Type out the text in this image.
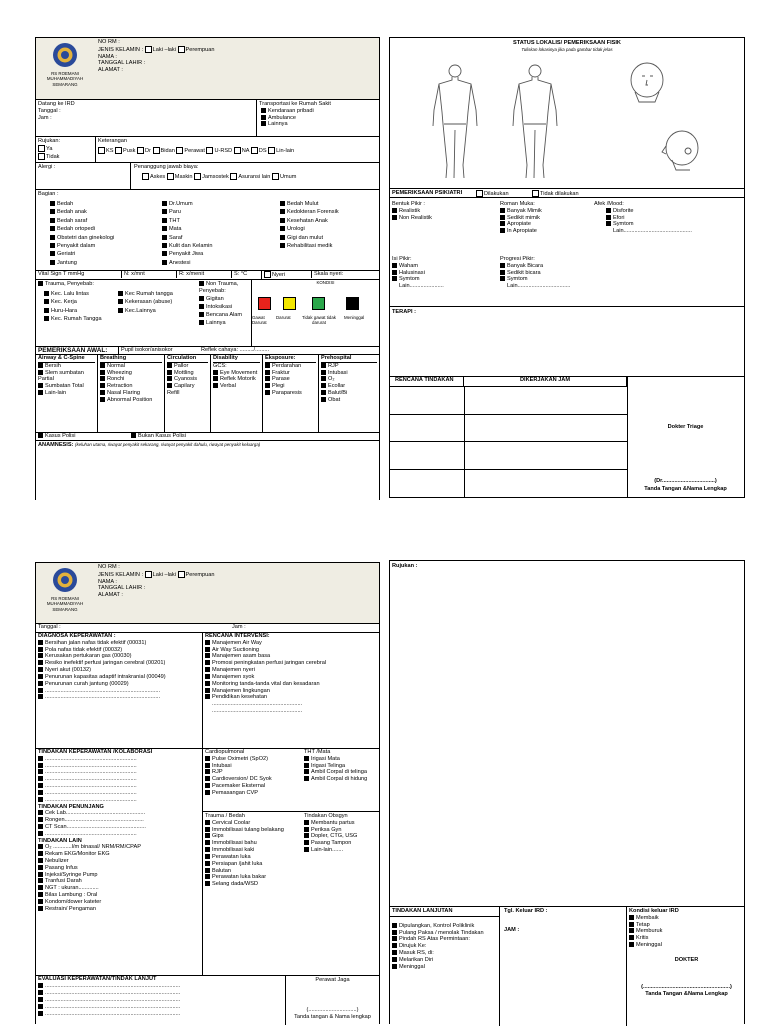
RS ROEMANI
MUHAMMADIYAH
SEMARANG
NO RM :
JENIS KELAMIN : Laki –laki Perempuan
NAMA :
TANGGAL LAHIR :
ALAMAT :
Datang ke IRD
Tanggal :
Jam :
Transportasi ke Rumah Sakit
Kendaraan pribadi
Ambulance
Lainnya
Rujukan:
Ya
Tidak
Keterangan
KS Pusk Dr Bidan Perawat U-RSD NA DS Lin-lain
Alergi :	Penanggung jawab biaya:
Askes Maskin Jamsostek Asuransi lain Umum
Bagian :
Bedah
Bedah anak
Bedah saraf
Bedah ortopedi
Obstetri dan ginekologi
Penyakit dalam
Geriatri
Jantung
Dr.Umum
Paru
THT
Mata
Saraf
Kulit dan Kelamin
Penyakit Jiwa
Anestesi
Bedah Mulut
Kedokteran Forensik
Kesehatan Anak
Urologi
Gigi dan mulut
Rehabilitasi medik
Vital Sign T mmHg	N: x/mnt	R: x/menit	S: °C	Nyeri	Skala nyeri:
Trauma, Penyebab:
Kec. Lalu lintas
Kec. Kerja
Huru-Hara
Kec. Rumah Tangga
Kec Rumah tangga
Kekerasan (abuse)
Kec.Lainnya
Non Trauma, Penyebab:
Gigitan
Intoksikasi
Bencana Alam
Lainnya
KONDISI
Gawat Darurat
Darurat	Tidak gawat tidak darurat
Meninggal
PEMERIKSAAN AWAL:	Pupil isokor/anisokor	Reflek cahaya: ........./.........
Airway & C-Spine
Bersih
Slem sumbatan Partial
Sumbatan Total
Lain-lain
Breathing
Normal
Wheezing
Ronchi
Retraction
Nasal Flaring
Abnormal Position
Circulation
Pallor
Mottling
Cyanosis
Capilary Refill
Disability
GCS:
Eye Movement
Reflek Motorik
Verbal
Eksposure:
Perdarahan
Fraktur
Parase
Plegi
Paraparesis
Prehospital
RJP
Intubasi
O₂
Ecollar
Balut/Bi
Obat
Kasus Polisi	Bukan Kasus Polisi
ANAMNESIS: (keluhan utama, riwayat penyakit sekarang, riwayat penyakit dahulu, riwayat penyakit keluarga)
STATUS LOKALIS/ PEMERIKSAAN FISIK
Tuliskan lokasinya jika pada gambar tidak jelas
PEMERIKSAAN PSIKIATRI	Dilakukan	Tidak dilakukan
Bentuk Pikir :
Realistik
Non Realistik
Roman Muka:
Banyak Mimik
Sedikit mimik
Apropiate
In Apropiate
Afek /Mood:
Disforite
Efori
Symtom
Lain............................................
Isi Pikir:
Waham
Halusinasi
Symtom
Lain......................
Progresi Pikir:
Banyak Bicara
Sedikit bicara
Symtom
Lain..................................
TERAPI :
RENCANA TINDAKAN	DIKERJAKAN JAM
Dokter Triage
(Dr..................................)
Tanda Tangan &Nama Lengkap
RS ROEMANI
MUHAMMADIYAH
SEMARANG
NO RM :
JENIS KELAMIN : Laki –laki Perempuan
NAMA :
TANGGAL LAHIR :
ALAMAT :
Tanggal :	Jam :
DIAGNOSA KEPERAWATAN :
Bersihan jalan nafas tidak efektif (00031)
Pola nafas tidak efektif (00032)
Kerusakan pertukaran gas (00030)
Resiko inefektif perfusi jaringan cerebral (00201)
Nyeri akut (00132)
Penurunan kapasitas adaptif intrakranial (00049)
Penurunan curah jantung (00029)
..........................................................................
..........................................................................
RENCANA INTERVENSI:
Manajemen Air Way
Air Way Suctioning
Manajemen asam basa
Promosi peningkatan perfusi jaringan cerebral
Manajemen nyeri
Manajemen syok
Monitoring tanda-tanda vital dan kesadaran
Manajemen lingkungan
Pendidikan kesehatan
..........................................................
..........................................................
TINDAKAN KEPERAWATAN /KOLABORASI
...........................................................
...........................................................
...........................................................
...........................................................
...........................................................
...........................................................
...........................................................
TINDAKAN PENUNJANG
Cek Lab...................................................
Rongen...................................................
CT Scan...................................................
...........................................................
TINDAKAN LAIN
O₂ ............l/m binasal/ NRM/RM/CPAP
Rekam EKG/Monitor EKG
Nebulizer
Pasang Infus
Injeksi/Syringe Pump
Tranfusi Darah
NGT : ukuran.............
Bilas Lambung : Oral
Kondom/dower kateter
Restrain/ Pengaman
Cardiopulmonal
Pulse Oximetri (SpO2)
Intubasi
RJP
Cardioversion/ DC Syok
Pacemaker Eksternal
Pemasangan CVP
THT /Mata
Irigasi Mata
Irigasi Telinga
Ambil Corpal di telinga
Ambil Corpal di hidung
Trauma / Bedah
Cervical Coolar
Immobilisasi tulang belakang
Gips
Immobilisasi bahu
Immobilisasi kaki
Perawatan luka
Persiapan /jahit luka
Balutan
Perawatan luka bakar
Selang dada/WSD
Tindakan Obsgyn
Membantu partus
Periksa Gyn
Dopler, CTG, USG
Pasang Tampon
Lain-lain.......
EVALUASI KEPERAWATAN/TINDAK LANJUT
.......................................................................................
.......................................................................................
.......................................................................................
.......................................................................................
.......................................................................................
Perawat Jaga
(...............................)
Tanda tangan & Nama lengkap
Rujukan :
TINDAKAN LANJUTAN
Dipulangkan, Kontrol Poliklinik
Pulang Paksa / menolak Tindakan
Pindah RS Atas Permintaan:
Dirujuk Ke:
Masuk RS, di:
Melarikan Diri
Meninggal
Tgl. Keluar IRD :
JAM :
Kondisi keluar IRD
Membaik
Tetap
Memburuk
Kritis
Meninggal
DOKTER
(........................................................)
Tanda Tangan &Nama Lengkap
